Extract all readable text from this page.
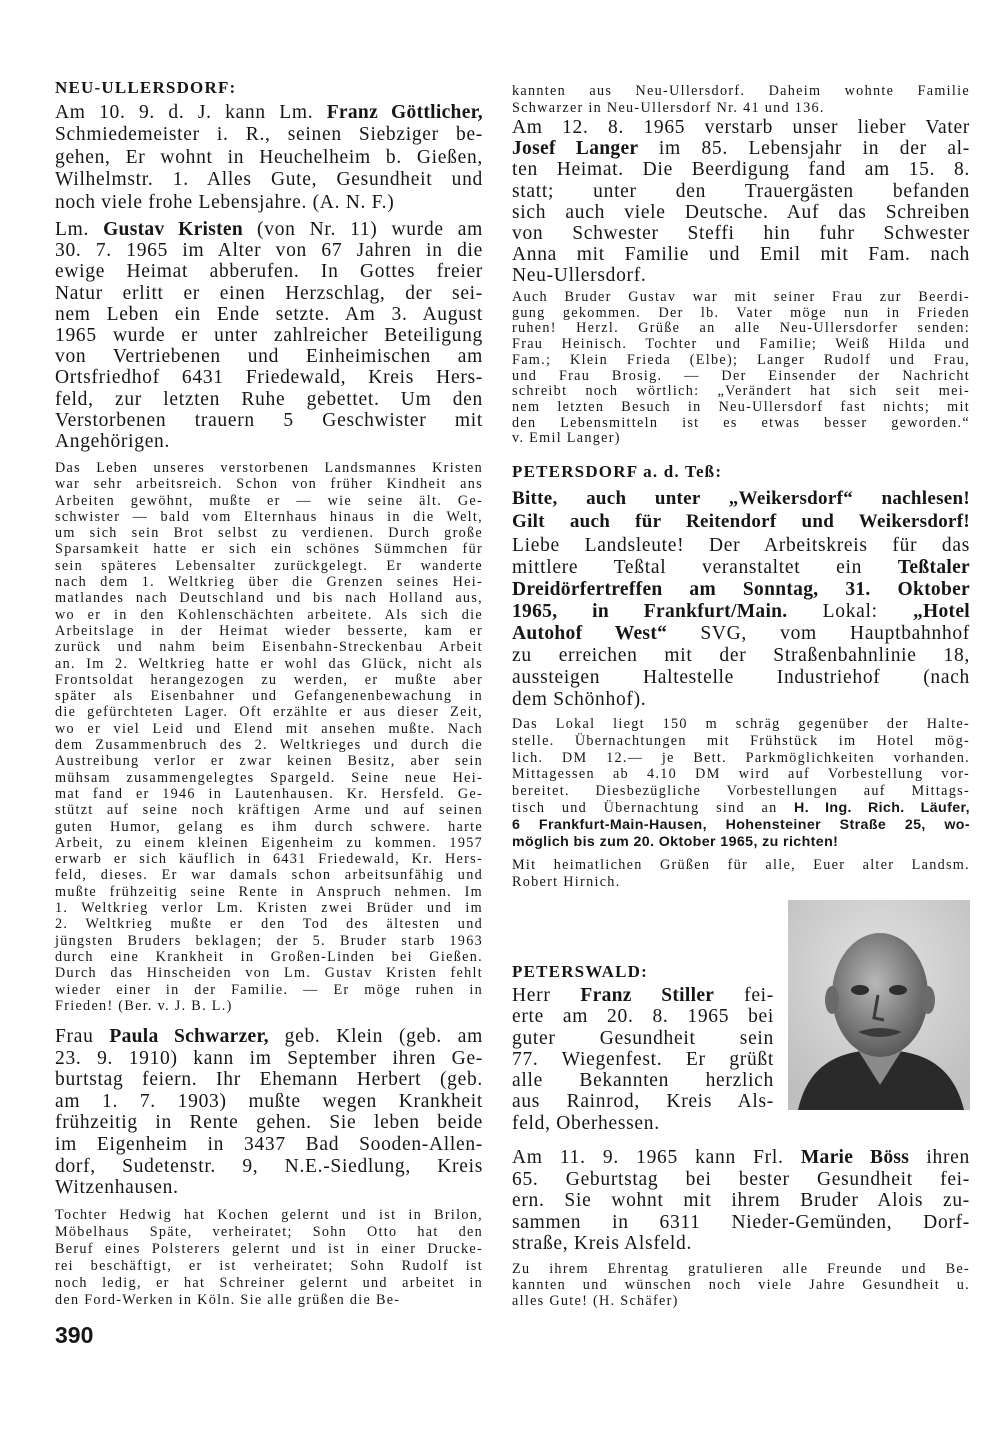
NEU-ULLERSDORF:
Am 10. 9. d. J. kann Lm. Franz Göttlicher,
Schmiedemeister i. R., seinen Siebziger be-
gehen, Er wohnt in Heuchelheim b. Gießen,
Wilhelmstr. 1. Alles Gute, Gesundheit und
noch viele frohe Lebensjahre. (A. N. F.)
Lm. Gustav Kristen (von Nr. 11) wurde am
30. 7. 1965 im Alter von 67 Jahren in die
ewige Heimat abberufen. In Gottes freier
Natur erlitt er einen Herzschlag, der sei-
nem Leben ein Ende setzte. Am 3. August
1965 wurde er unter zahlreicher Beteiligung
von Vertriebenen und Einheimischen am
Ortsfriedhof 6431 Friedewald, Kreis Hers-
feld, zur letzten Ruhe gebettet. Um den
Verstorbenen trauern 5 Geschwister mit
Angehörigen.
Das Leben unseres verstorbenen Landsmannes Kristen
war sehr arbeitsreich. Schon von früher Kindheit ans
Arbeiten gewöhnt, mußte er — wie seine ält. Ge-
schwister — bald vom Elternhaus hinaus in die Welt,
um sich sein Brot selbst zu verdienen. Durch große
Sparsamkeit hatte er sich ein schönes Sümmchen für
sein späteres Lebensalter zurückgelegt. Er wanderte
nach dem 1. Weltkrieg über die Grenzen seines Hei-
matlandes nach Deutschland und bis nach Holland aus,
wo er in den Kohlenschächten arbeitete. Als sich die
Arbeitslage in der Heimat wieder besserte, kam er
zurück und nahm beim Eisenbahn-Streckenbau Arbeit
an. Im 2. Weltkrieg hatte er wohl das Glück, nicht als
Frontsoldat herangezogen zu werden, er mußte aber
später als Eisenbahner und Gefangenenbewachung in
die gefürchteten Lager. Oft erzählte er aus dieser Zeit,
wo er viel Leid und Elend mit ansehen mußte. Nach
dem Zusammenbruch des 2. Weltkrieges und durch die
Austreibung verlor er zwar keinen Besitz, aber sein
mühsam zusammengelegtes Spargeld. Seine neue Hei-
mat fand er 1946 in Lautenhausen. Kr. Hersfeld. Ge-
stützt auf seine noch kräftigen Arme und auf seinen
guten Humor, gelang es ihm durch schwere. harte
Arbeit, zu einem kleinen Eigenheim zu kommen. 1957
erwarb er sich käuflich in 6431 Friedewald, Kr. Hers-
feld, dieses. Er war damals schon arbeitsunfähig und
mußte frühzeitig seine Rente in Anspruch nehmen. Im
1. Weltkrieg verlor Lm. Kristen zwei Brüder und im
2. Weltkrieg mußte er den Tod des ältesten und
jüngsten Bruders beklagen; der 5. Bruder starb 1963
durch eine Krankheit in Großen-Linden bei Gießen.
Durch das Hinscheiden von Lm. Gustav Kristen fehlt
wieder einer in der Familie. — Er möge ruhen in
Frieden! (Ber. v. J. B. L.)
Frau Paula Schwarzer, geb. Klein (geb. am
23. 9. 1910) kann im September ihren Ge-
burtstag feiern. Ihr Ehemann Herbert (geb.
am 1. 7. 1903) mußte wegen Krankheit
frühzeitig in Rente gehen. Sie leben beide
im Eigenheim in 3437 Bad Sooden-Allen-
dorf, Sudetenstr. 9, N.E.-Siedlung, Kreis
Witzenhausen.
Tochter Hedwig hat Kochen gelernt und ist in Brilon,
Möbelhaus Späte, verheiratet; Sohn Otto hat den
Beruf eines Polsterers gelernt und ist in einer Drucke-
rei beschäftigt, er ist verheiratet; Sohn Rudolf ist
noch ledig, er hat Schreiner gelernt und arbeitet in
den Ford-Werken in Köln. Sie alle grüßen die Be-
390
kannten aus Neu-Ullersdorf. Daheim wohnte Familie
Schwarzer in Neu-Ullersdorf Nr. 41 und 136.
Am 12. 8. 1965 verstarb unser lieber Vater
Josef Langer im 85. Lebensjahr in der al-
ten Heimat. Die Beerdigung fand am 15. 8.
statt; unter den Trauergästen befanden
sich auch viele Deutsche. Auf das Schreiben
von Schwester Steffi hin fuhr Schwester
Anna mit Familie und Emil mit Fam. nach
Neu-Ullersdorf.
Auch Bruder Gustav war mit seiner Frau zur Beerdi-
gung gekommen. Der lb. Vater möge nun in Frieden
ruhen! Herzl. Grüße an alle Neu-Ullersdorfer senden:
Frau Heinisch. Tochter und Familie; Weiß Hilda und
Fam.; Klein Frieda (Elbe); Langer Rudolf und Frau,
und Frau Brosig. — Der Einsender der Nachricht
schreibt noch wörtlich: „Verändert hat sich seit mei-
nem letzten Besuch in Neu-Ullersdorf fast nichts; mit
den Lebensmitteln ist es etwas besser geworden.“
v. Emil Langer)
PETERSDORF a. d. Teß:
Bitte, auch unter „Weikersdorf“ nachlesen!
Gilt auch für Reitendorf und Weikersdorf!
Liebe Landsleute! Der Arbeitskreis für das
mittlere Teßtal veranstaltet ein Teßtaler
Dreidörfertreffen am Sonntag, 31. Oktober
1965, in Frankfurt/Main. Lokal: „Hotel
Autohof West“ SVG, vom Hauptbahnhof
zu erreichen mit der Straßenbahnlinie 18,
aussteigen Haltestelle Industriehof (nach
dem Schönhof).
Das Lokal liegt 150 m schräg gegenüber der Halte-
stelle. Übernachtungen mit Frühstück im Hotel mög-
lich. DM 12.— je Bett. Parkmöglichkeiten vorhanden.
Mittagessen ab 4.10 DM wird auf Vorbestellung vor-
bereitet. Diesbezügliche Vorbestellungen auf Mittags-
tisch und Übernachtung sind an H. Ing. Rich. Läufer,
6 Frankfurt-Main-Hausen, Hohensteiner Straße 25, wo-
möglich bis zum 20. Oktober 1965, zu richten!
Mit heimatlichen Grüßen für alle, Euer alter Landsm.
Robert Hirnich.
PETERSWALD:
Herr Franz Stiller fei-
erte am 20. 8. 1965 bei
guter Gesundheit sein
77. Wiegenfest. Er grüßt
alle Bekannten herzlich
aus Rainrod, Kreis Als-
feld, Oberhessen.
Am 11. 9. 1965 kann Frl. Marie Böss ihren
65. Geburtstag bei bester Gesundheit fei-
ern. Sie wohnt mit ihrem Bruder Alois zu-
sammen in 6311 Nieder-Gemünden, Dorf-
straße, Kreis Alsfeld.
Zu ihrem Ehrentag gratulieren alle Freunde und Be-
kannten und wünschen noch viele Jahre Gesundheit u.
alles Gute! (H. Schäfer)
